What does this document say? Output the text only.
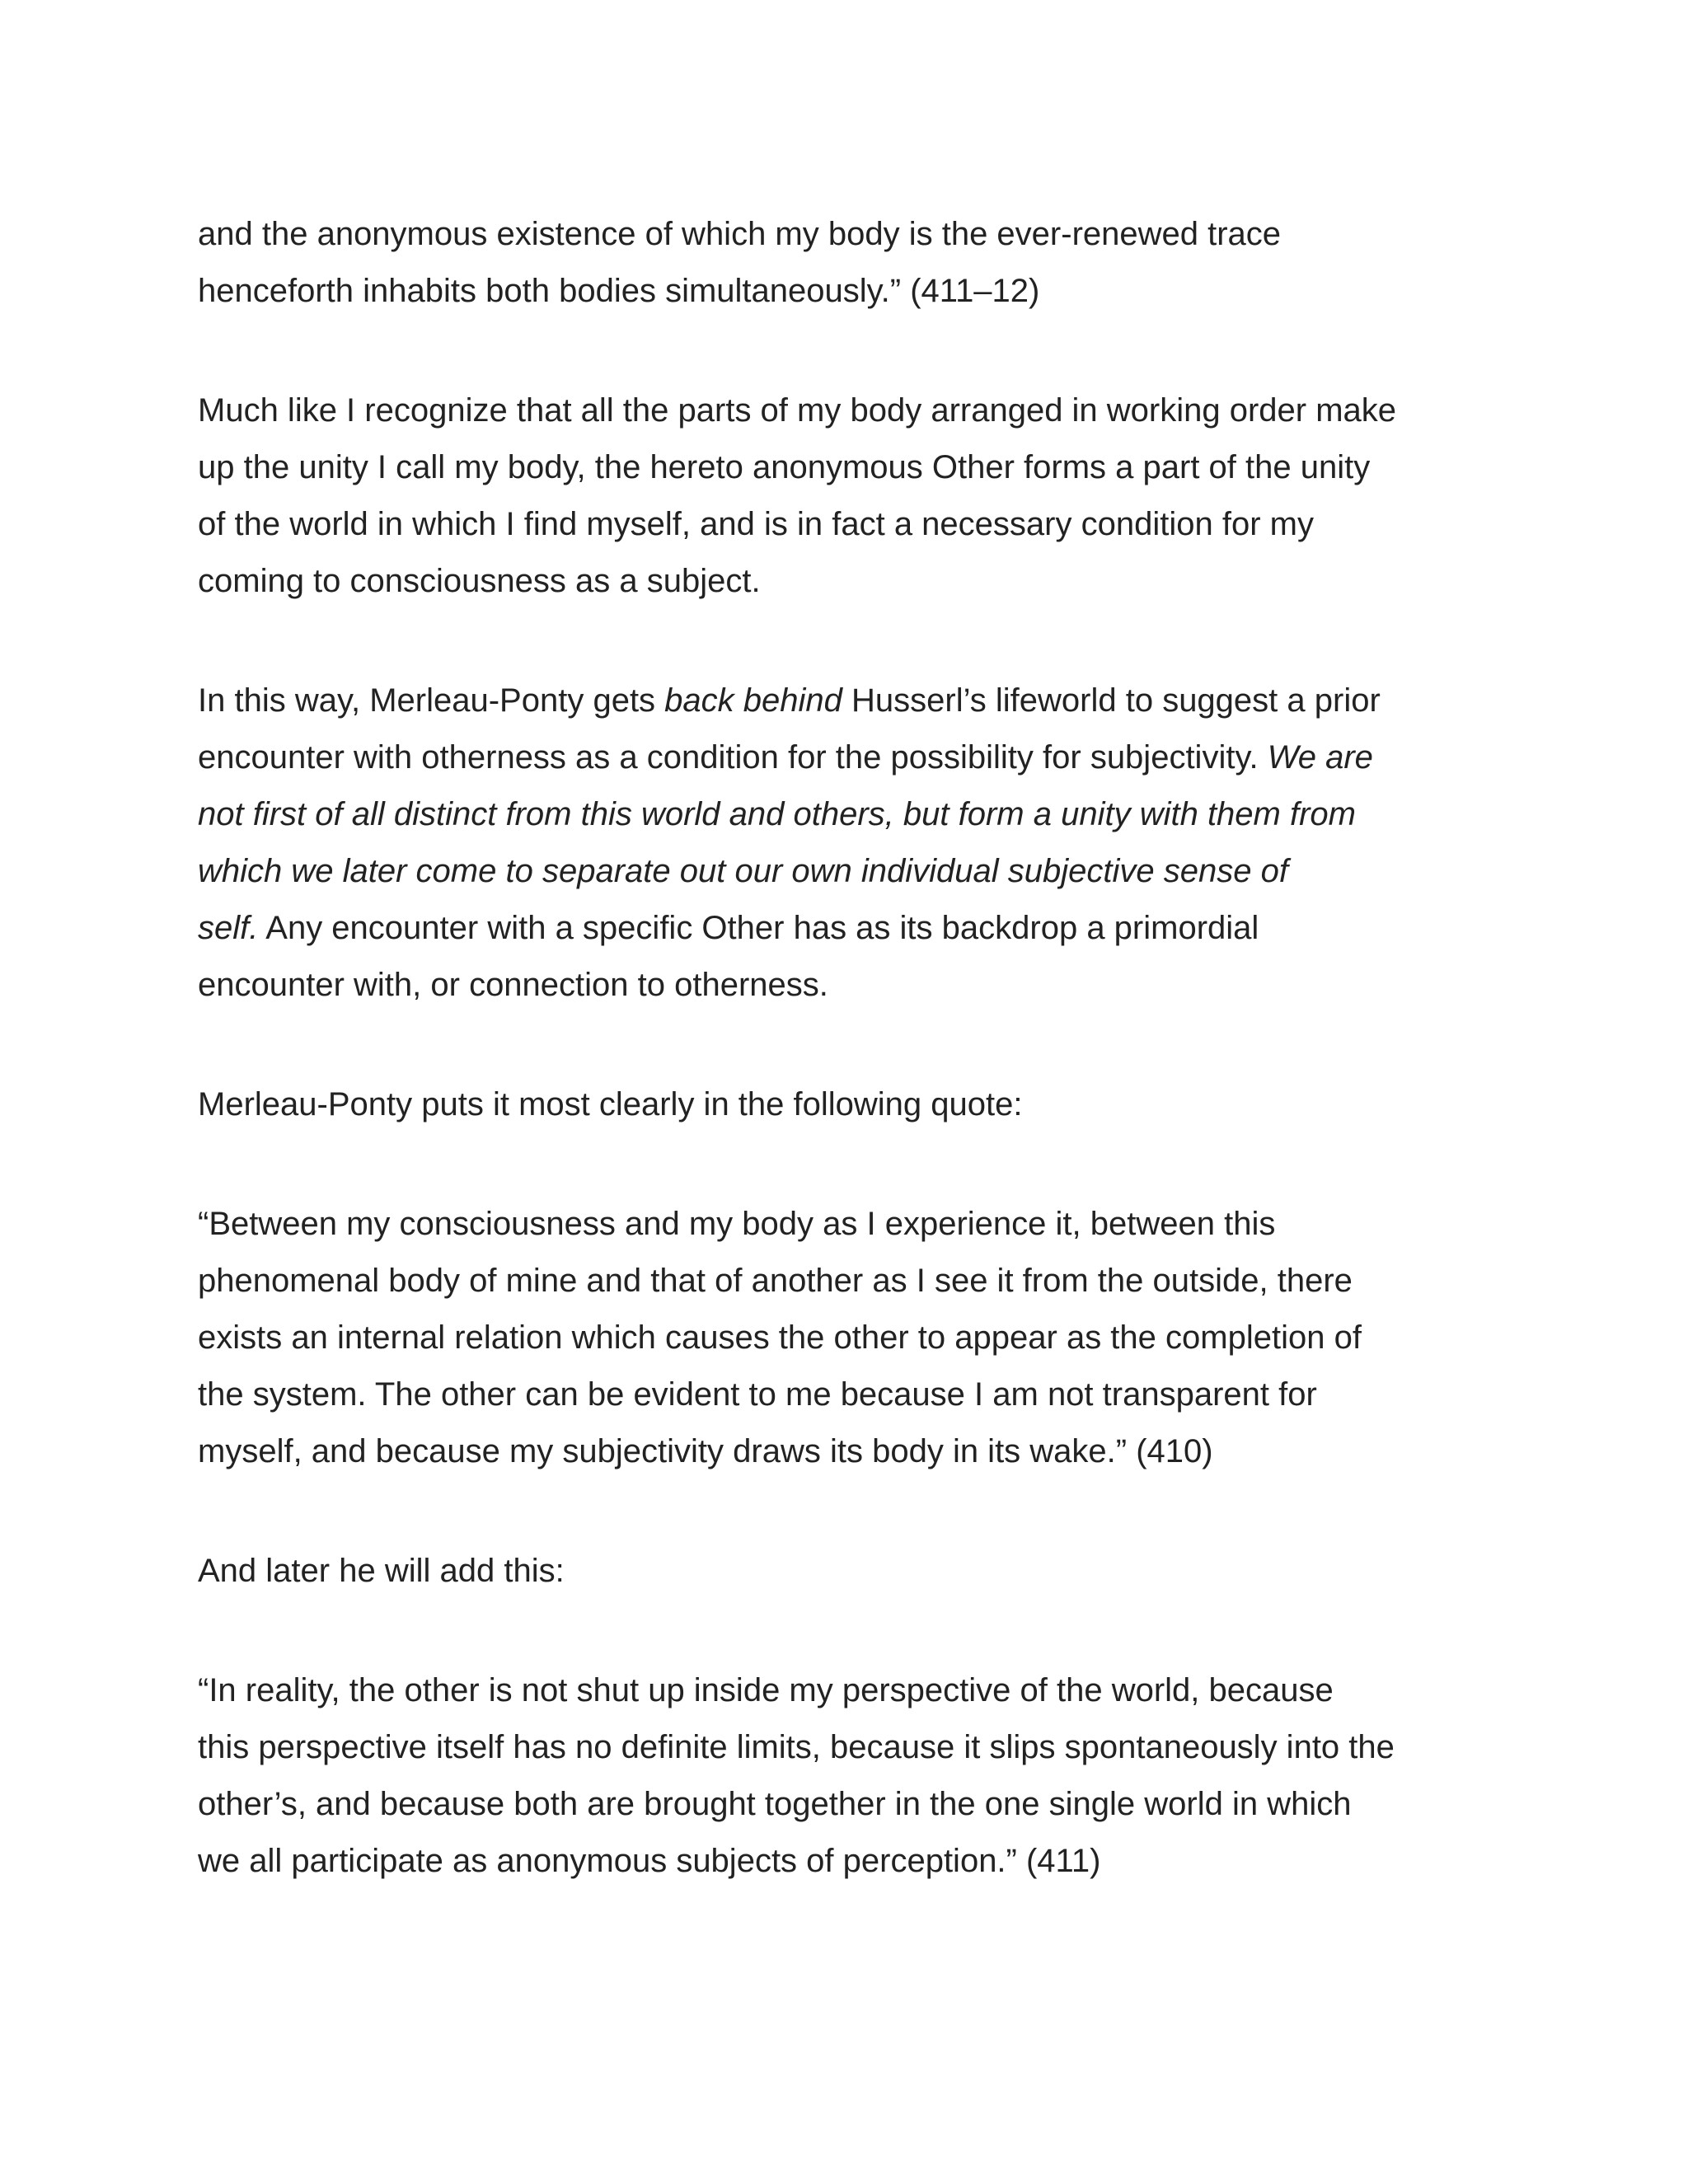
and the anonymous existence of which my body is the ever-renewed trace
henceforth inhabits both bodies simultaneously.” (411–12)

Much like I recognize that all the parts of my body arranged in working order make
up the unity I call my body, the hereto anonymous Other forms a part of the unity
of the world in which I find myself, and is in fact a necessary condition for my
coming to consciousness as a subject.

In this way, Merleau-Ponty gets back behind Husserl’s lifeworld to suggest a prior
encounter with otherness as a condition for the possibility for subjectivity. We are
not first of all distinct from this world and others, but form a unity with them from
which we later come to separate out our own individual subjective sense of
self. Any encounter with a specific Other has as its backdrop a primordial
encounter with, or connection to otherness.

Merleau-Ponty puts it most clearly in the following quote:

“Between my consciousness and my body as I experience it, between this
phenomenal body of mine and that of another as I see it from the outside, there
exists an internal relation which causes the other to appear as the completion of
the system. The other can be evident to me because I am not transparent for
myself, and because my subjectivity draws its body in its wake.” (410)

And later he will add this:

“In reality, the other is not shut up inside my perspective of the world, because
this perspective itself has no definite limits, because it slips spontaneously into the
other’s, and because both are brought together in the one single world in which
we all participate as anonymous subjects of perception.” (411)
